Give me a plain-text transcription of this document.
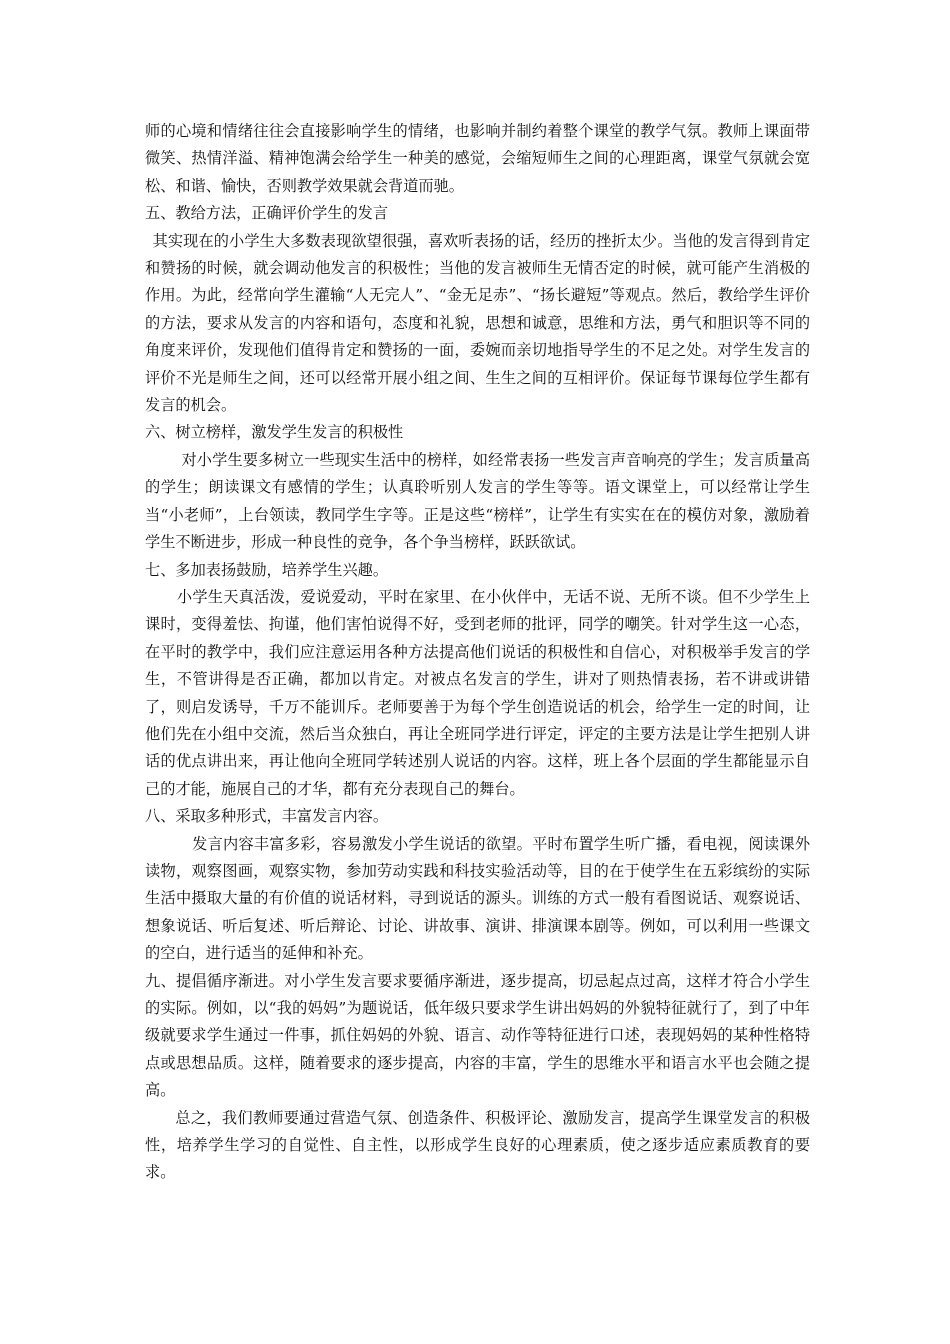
师的心境和情绪往往会直接影响学生的情绪，也影响并制约着整个课堂的教学气氛。教师上课面带微笑、热情洋溢、精神饱满会给学生一种美的感觉，会缩短师生之间的心理距离，课堂气氛就会宽松、和谐、愉快，否则教学效果就会背道而驰。

五、教给方法，正确评价学生的发言

其实现在的小学生大多数表现欲望很强，喜欢听表扬的话，经历的挫折太少。当他的发言得到肯定和赞扬的时候，就会调动他发言的积极性；当他的发言被师生无情否定的时候，就可能产生消极的作用。为此，经常向学生灌输“人无完人”、“金无足赤”、“扬长避短”等观点。然后，教给学生评价的方法，要求从发言的内容和语句，态度和礼貌，思想和诚意，思维和方法，勇气和胆识等不同的角度来评价，发现他们值得肯定和赞扬的一面，委婉而亲切地指导学生的不足之处。对学生发言的评价不光是师生之间，还可以经常开展小组之间、生生之间的互相评价。保证每节课每位学生都有发言的机会。

六、树立榜样，激发学生发言的积极性

对小学生要多树立一些现实生活中的榜样，如经常表扬一些发言声音响亮的学生；发言质量高的学生；朗读课文有感情的学生；认真聆听别人发言的学生等等。语文课堂上，可以经常让学生当“小老师”，上台领读，教同学生字等。正是这些“榜样”，让学生有实实在在的模仿对象，激励着学生不断进步，形成一种良性的竞争，各个争当榜样，跃跃欲试。

七、多加表扬鼓励，培养学生兴趣。

小学生天真活泼，爱说爱动，平时在家里、在小伙伴中，无话不说、无所不谈。但不少学生上课时，变得羞怯、拘谨，他们害怕说得不好，受到老师的批评，同学的嘲笑。针对学生这一心态，在平时的教学中，我们应注意运用各种方法提高他们说话的积极性和自信心，对积极举手发言的学生，不管讲得是否正确，都加以肯定。对被点名发言的学生，讲对了则热情表扬，若不讲或讲错了，则启发诱导，千万不能训斥。老师要善于为每个学生创造说话的机会，给学生一定的时间，让他们先在小组中交流，然后当众独白，再让全班同学进行评定，评定的主要方法是让学生把别人讲话的优点讲出来，再让他向全班同学转述别人说话的内容。这样，班上各个层面的学生都能显示自己的才能，施展自己的才华，都有充分表现自己的舞台。

八、采取多种形式，丰富发言内容。

发言内容丰富多彩，容易激发小学生说话的欲望。平时布置学生听广播，看电视，阅读课外读物，观察图画，观察实物，参加劳动实践和科技实验活动等，目的在于使学生在五彩缤纷的实际生活中摄取大量的有价值的说话材料，寻到说话的源头。训练的方式一般有看图说话、观察说话、想象说话、听后复述、听后辩论、讨论、讲故事、演讲、排演课本剧等。例如，可以利用一些课文的空白，进行适当的延伸和补充。

九、提倡循序渐进。对小学生发言要求要循序渐进，逐步提高，切忌起点过高，这样才符合小学生的实际。例如，以“我的妈妈”为题说话，低年级只要求学生讲出妈妈的外貌特征就行了，到了中年级就要求学生通过一件事，抓住妈妈的外貌、语言、动作等特征进行口述，表现妈妈的某种性格特点或思想品质。这样，随着要求的逐步提高，内容的丰富，学生的思维水平和语言水平也会随之提高。

总之，我们教师要通过营造气氛、创造条件、积极评论、激励发言，提高学生课堂发言的积极性，培养学生学习的自觉性、自主性，以形成学生良好的心理素质，使之逐步适应素质教育的要求。
